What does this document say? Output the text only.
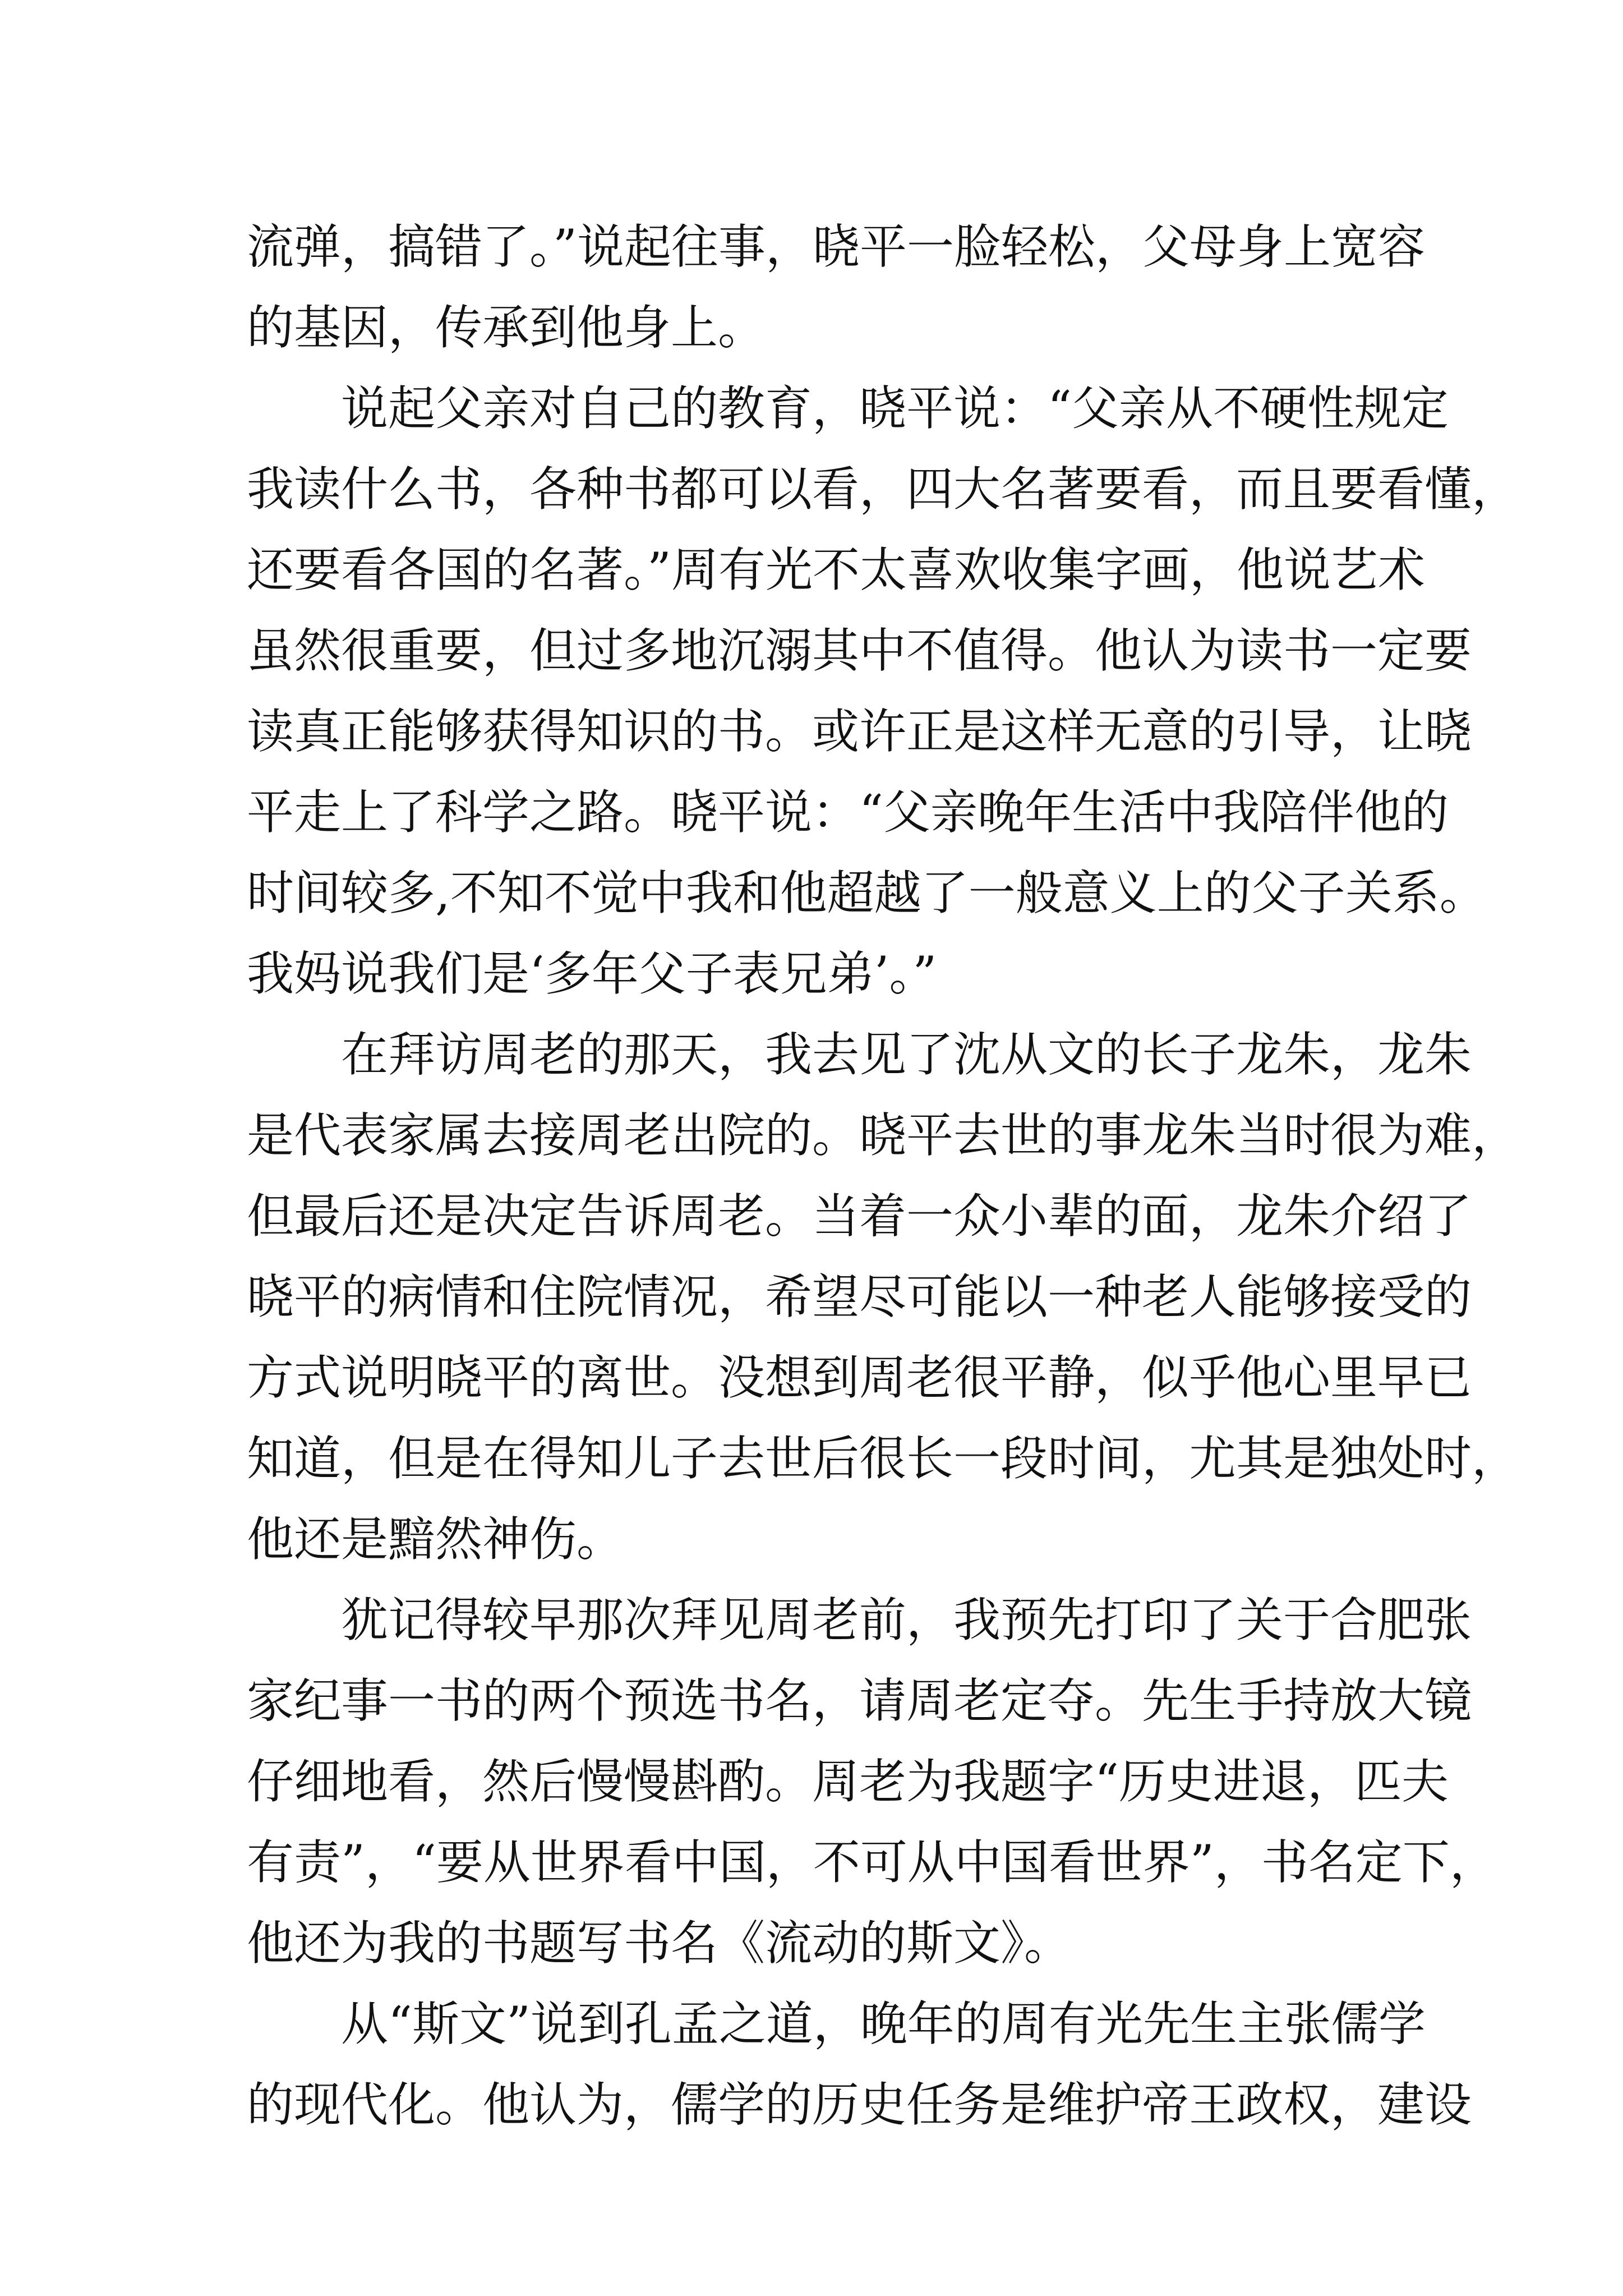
流弹，搞错了。”说起往事，晓平一脸轻松，父母身上宽容
的基因，传承到他身上。
说起父亲对自己的教育，晓平说：“父亲从不硬性规定
我读什么书，各种书都可以看，四大名著要看，而且要看懂，
还要看各国的名著。”周有光不太喜欢收集字画，他说艺术
虽然很重要，但过多地沉溺其中不值得。他认为读书一定要
读真正能够获得知识的书。或许正是这样无意的引导，让晓
平走上了科学之路。晓平说：“父亲晚年生活中我陪伴他的
时间较多,不知不觉中我和他超越了一般意义上的父子关系。
我妈说我们是‘多年父子表兄弟’。”
在拜访周老的那天，我去见了沈从文的长子龙朱，龙朱
是代表家属去接周老出院的。晓平去世的事龙朱当时很为难，
但最后还是决定告诉周老。当着一众小辈的面，龙朱介绍了
晓平的病情和住院情况，希望尽可能以一种老人能够接受的
方式说明晓平的离世。没想到周老很平静，似乎他心里早已
知道，但是在得知儿子去世后很长一段时间，尤其是独处时，
他还是黯然神伤。
犹记得较早那次拜见周老前，我预先打印了关于合肥张
家纪事一书的两个预选书名，请周老定夺。先生手持放大镜
仔细地看，然后慢慢斟酌。周老为我题字“历史进退，匹夫
有责”，“要从世界看中国，不可从中国看世界”，书名定下，
他还为我的书题写书名《流动的斯文》。
从“斯文”说到孔孟之道，晚年的周有光先生主张儒学
的现代化。他认为，儒学的历史任务是维护帝王政权，建设
